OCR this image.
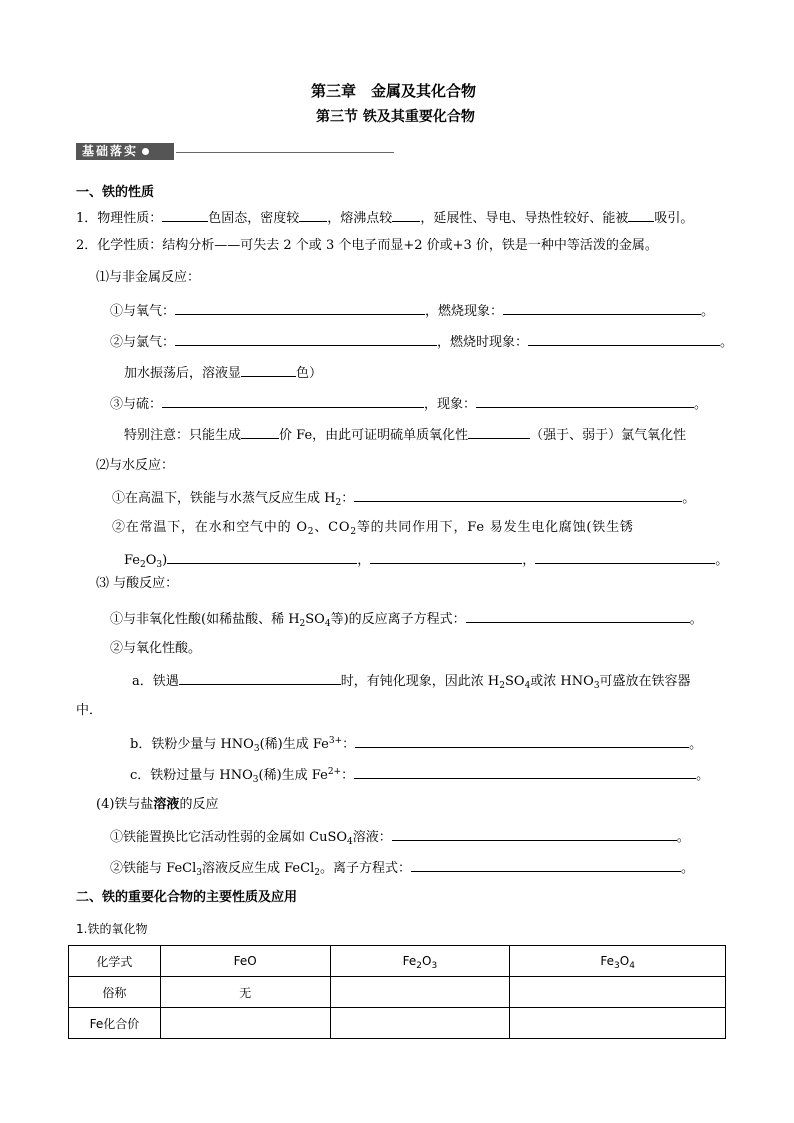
第三章　金属及其化合物
第三节 铁及其重要化合物
基础落实
一、铁的性质
1．物理性质：	色固态，密度较 ，熔沸点较 ，延展性、导电、导热性较好、能被 吸引。
2．化学性质：结构分析——可失去 2 个或 3 个电子而显+2 价或+3 价，铁是一种中等活泼的金属。
⑴与非金属反应：
①与氧气：	，燃烧现象：	。
②与氯气：	，燃烧时现象：	。
加水振荡后，溶液显	色）
③与硫：	，现象：	。
特别注意：只能生成	价 Fe，由此可证明硫单质氧化性	（强于、弱于）氯气氧化性
⑵与水反应：
①在高温下，铁能与水蒸气反应生成 $H_2$：	。
②在常温下，在水和空气中的 $O_2$、$CO_2$等的共同作用下，Fe 易发生电化腐蚀(铁生锈
$Fe_2O_3$)	，	，	。
⑶ 与酸反应：
①与非氧化性酸(如稀盐酸、稀 $H_2SO_4$等)的反应离子方程式：	。
②与氧化性酸。
a．铁遇	时，有钝化现象，因此浓 $H_2SO_4$或浓 $HNO_3$可盛放在铁容器
中．
b．铁粉少量与 $HNO_3$(稀)生成 $Fe^{3+}$：	。
c．铁粉过量与 $HNO_3$(稀)生成 $Fe^{2+}$：	。
(4)铁与盐溶液的反应
①铁能置换比它活动性弱的金属如 CuSO$_4$溶液：	。
②铁能与 FeCl$_3$溶液反应生成 FeCl$_2$。离子方程式：	。
二、铁的重要化合物的主要性质及应用
1.铁的氧化物
化学式	FeO	$Fe_2O_3$	$Fe_3O_4$
俗称	无		
Fe化合价			
